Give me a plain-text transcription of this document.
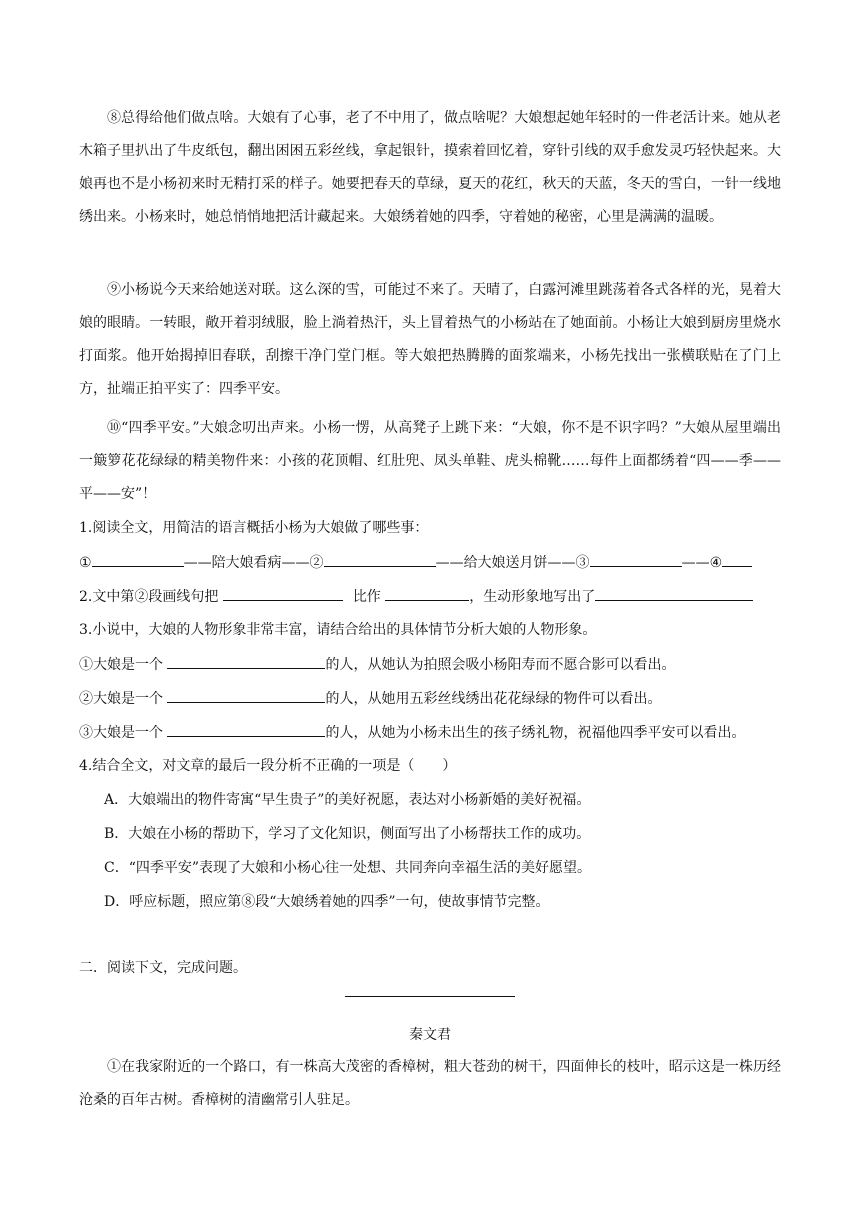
⑧总得给他们做点啥。大娘有了心事，老了不中用了，做点啥呢？大娘想起她年轻时的一件老活计来。她从老木箱子里扒出了牛皮纸包，翻出困困五彩丝线，拿起银针，摸索着回忆着，穿针引线的双手愈发灵巧轻快起来。大娘再也不是小杨初来时无精打采的样子。她要把春天的草绿，夏天的花红，秋天的天蓝，冬天的雪白，一针一线地绣出来。小杨来时，她总悄悄地把活计藏起来。大娘绣着她的四季，守着她的秘密，心里是满满的温暖。
⑨小杨说今天来给她送对联。这么深的雪，可能过不来了。天晴了，白露河滩里跳荡着各式各样的光，晃着大娘的眼睛。一转眼，敞开着羽绒服，脸上淌着热汗，头上冒着热气的小杨站在了她面前。小杨让大娘到厨房里烧水打面浆。他开始揭掉旧春联，刮擦干净门堂门框。等大娘把热腾腾的面浆端来，小杨先找出一张横联贴在了门上方，扯端正拍平实了：四季平安。
⑩“四季平安。”大娘念叨出声来。小杨一愣，从高凳子上跳下来：“大娘，你不是不识字吗？”大娘从屋里端出一簸箩花花绿绿的精美物件来：小孩的花顶帽、红肚兜、凤头单鞋、虎头棉靴……每件上面都绣着“四——季——平——安”！
1.阅读全文，用简洁的语言概括小杨为大娘做了哪些事：
①	——陪大娘看病——②	——给大娘送月饼——③	——④
2.文中第②段画线句把	比作	，生动形象地写出了
3.小说中，大娘的人物形象非常丰富，请结合给出的具体情节分析大娘的人物形象。
①大娘是一个	的人，从她认为拍照会吸小杨阳寿而不愿合影可以看出。
②大娘是一个	的人，从她用五彩丝线绣出花花绿绿的物件可以看出。
③大娘是一个	的人，从她为小杨未出生的孩子绣礼物，祝福他四季平安可以看出。
4.结合全文，对文章的最后一段分析不正确的一项是（　　）
A．大娘端出的物件寄寓“早生贵子”的美好祝愿，表达对小杨新婚的美好祝福。
B．大娘在小杨的帮助下，学习了文化知识，侧面写出了小杨帮扶工作的成功。
C．“四季平安”表现了大娘和小杨心往一处想、共同奔向幸福生活的美好愿望。
D．呼应标题，照应第⑧段“大娘绣着她的四季”一句，使故事情节完整。
二．阅读下文，完成问题。
秦文君
①在我家附近的一个路口，有一株高大茂密的香樟树，粗大苍劲的树干，四面伸长的枝叶，昭示这是一株历经沧桑的百年古树。香樟树的清幽常引人驻足。
